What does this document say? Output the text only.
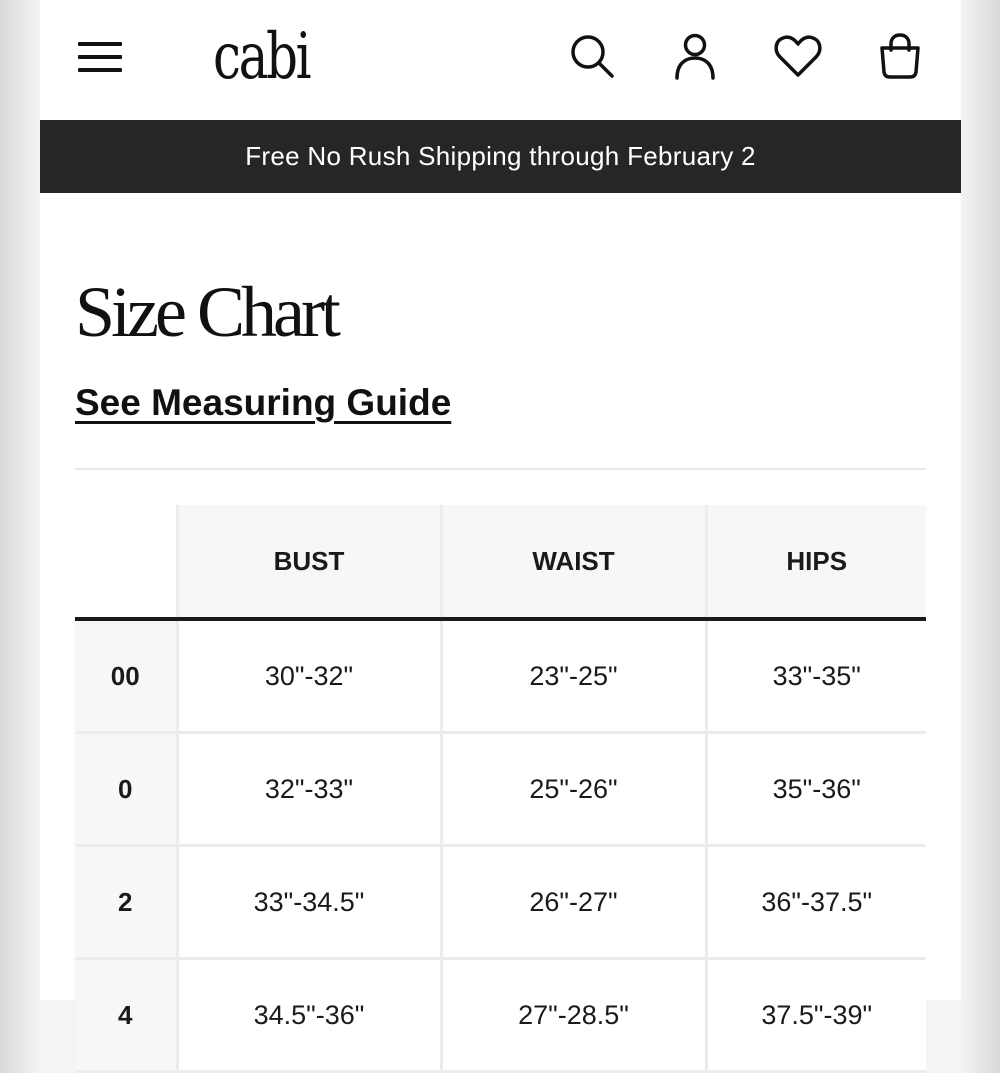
cabi
Free No Rush Shipping through February 2
Size Chart
See Measuring Guide
	BUST	WAIST	HIPS
00	30"-32"	23"-25"	33"-35"
0	32"-33"	25"-26"	35"-36"
2	33"-34.5"	26"-27"	36"-37.5"
4	34.5"-36"	27"-28.5"	37.5"-39"
